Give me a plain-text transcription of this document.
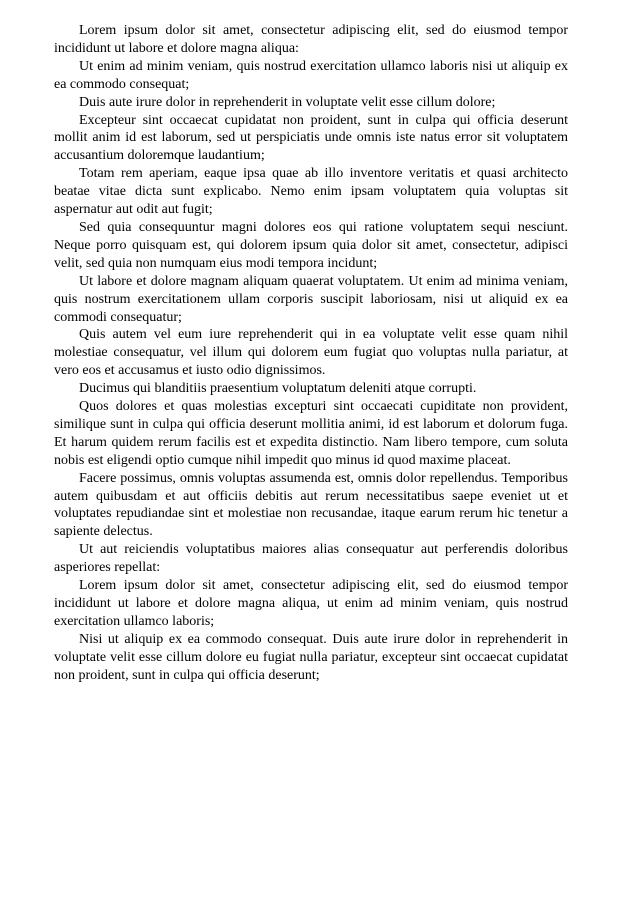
Lorem ipsum dolor sit amet, consectetur adipiscing elit, sed do eiusmod tempor incididunt ut labore et dolore magna aliqua:

Ut enim ad minim veniam, quis nostrud exercitation ullamco laboris nisi ut aliquip ex ea commodo consequat;

Duis aute irure dolor in reprehenderit in voluptate velit esse cillum dolore;

Excepteur sint occaecat cupidatat non proident, sunt in culpa qui officia deserunt mollit anim id est laborum, sed ut perspiciatis unde omnis iste natus error sit voluptatem accusantium doloremque laudantium;

Totam rem aperiam, eaque ipsa quae ab illo inventore veritatis et quasi architecto beatae vitae dicta sunt explicabo. Nemo enim ipsam voluptatem quia voluptas sit aspernatur aut odit aut fugit;

Sed quia consequuntur magni dolores eos qui ratione voluptatem sequi nesciunt. Neque porro quisquam est, qui dolorem ipsum quia dolor sit amet, consectetur, adipisci velit, sed quia non numquam eius modi tempora incidunt;

Ut labore et dolore magnam aliquam quaerat voluptatem. Ut enim ad minima veniam, quis nostrum exercitationem ullam corporis suscipit laboriosam, nisi ut aliquid ex ea commodi consequatur;

Quis autem vel eum iure reprehenderit qui in ea voluptate velit esse quam nihil molestiae consequatur, vel illum qui dolorem eum fugiat quo voluptas nulla pariatur, at vero eos et accusamus et iusto odio dignissimos.

Ducimus qui blanditiis praesentium voluptatum deleniti atque corrupti.

Quos dolores et quas molestias excepturi sint occaecati cupiditate non provident, similique sunt in culpa qui officia deserunt mollitia animi, id est laborum et dolorum fuga. Et harum quidem rerum facilis est et expedita distinctio. Nam libero tempore, cum soluta nobis est eligendi optio cumque nihil impedit quo minus id quod maxime placeat.

Facere possimus, omnis voluptas assumenda est, omnis dolor repellendus. Temporibus autem quibusdam et aut officiis debitis aut rerum necessitatibus saepe eveniet ut et voluptates repudiandae sint et molestiae non recusandae, itaque earum rerum hic tenetur a sapiente delectus.

Ut aut reiciendis voluptatibus maiores alias consequatur aut perferendis doloribus asperiores repellat:

Lorem ipsum dolor sit amet, consectetur adipiscing elit, sed do eiusmod tempor incididunt ut labore et dolore magna aliqua, ut enim ad minim veniam, quis nostrud exercitation ullamco laboris;

Nisi ut aliquip ex ea commodo consequat. Duis aute irure dolor in reprehenderit in voluptate velit esse cillum dolore eu fugiat nulla pariatur, excepteur sint occaecat cupidatat non proident, sunt in culpa qui officia deserunt;
